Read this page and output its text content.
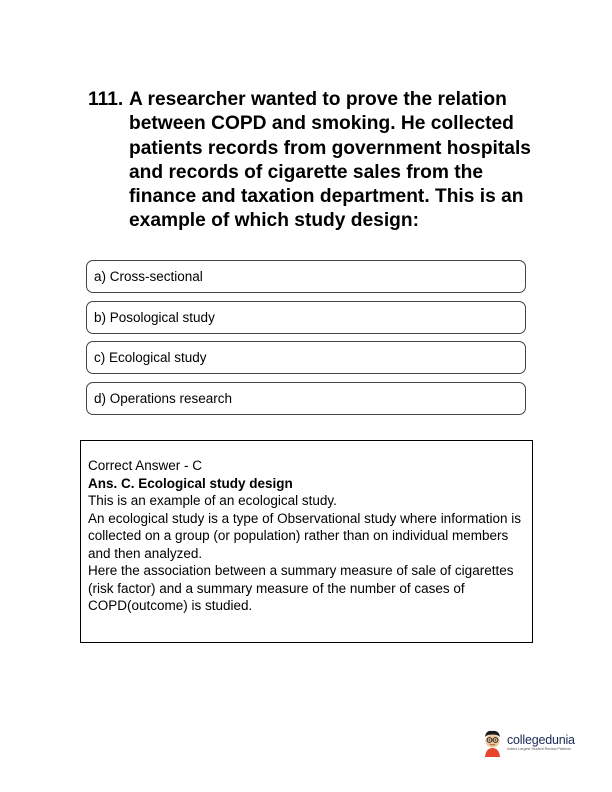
111. A researcher wanted to prove the relation between COPD and smoking. He collected patients records from government hospitals and records of cigarette sales from the finance and taxation department. This is an example of which study design:
a) Cross-sectional
b) Posological study
c) Ecological study
d) Operations research

Correct Answer - C

Ans. C. Ecological study design

This is an example of an ecological study.

An ecological study is a type of Observational study where information is collected on a group (or population) rather than on individual members and then analyzed.

Here the association between a summary measure of sale of cigarettes (risk factor) and a summary measure of the number of cases of COPD(outcome) is studied.

collegedunia
India's Largest Student Review Platform
